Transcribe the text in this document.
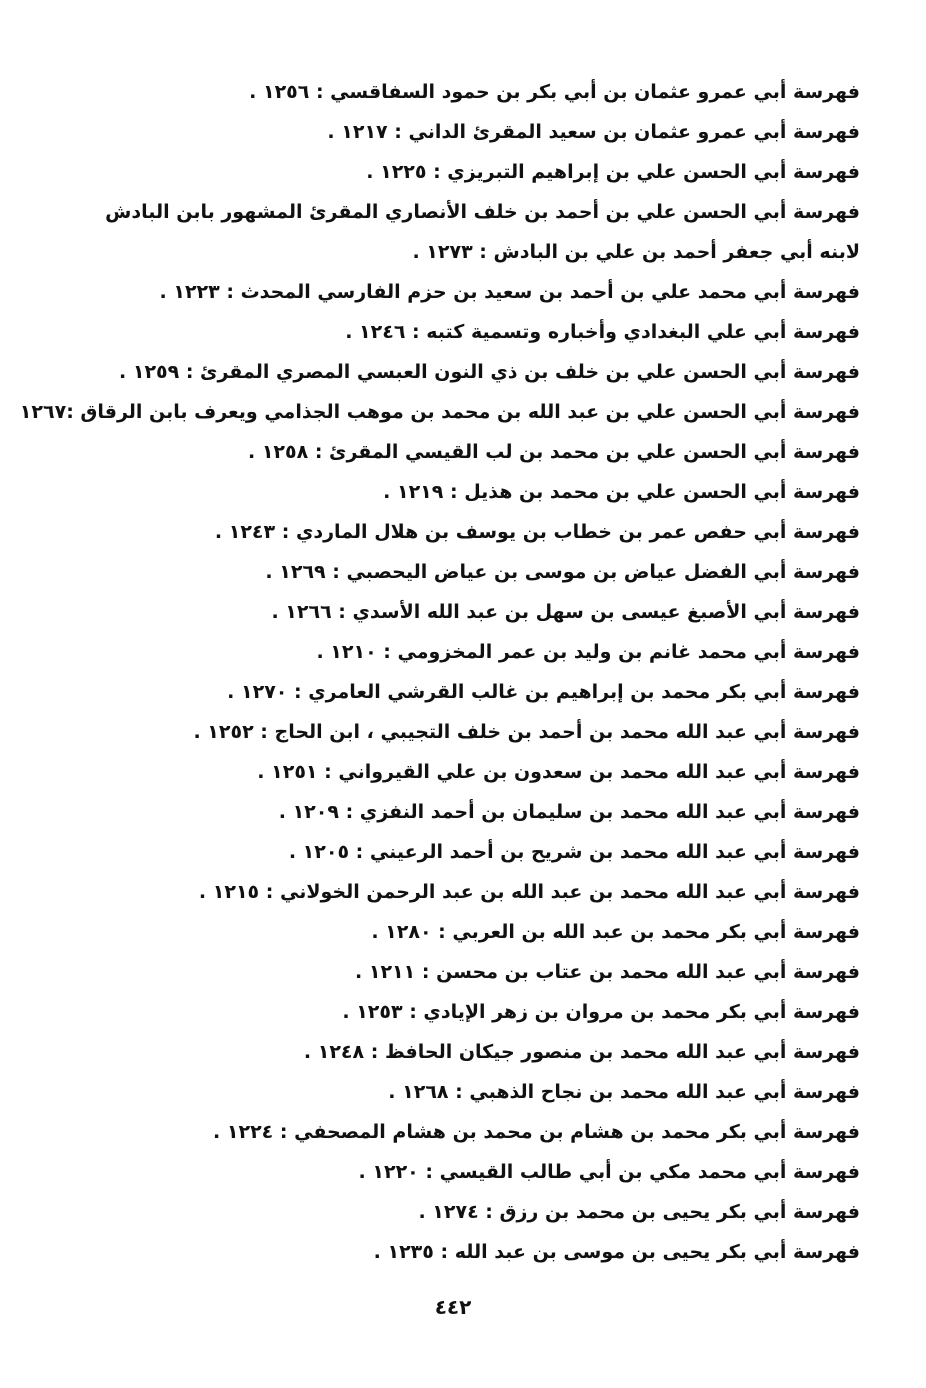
فهرسة أبي عمرو عثمان بن أبي بكر بن حمود السفاقسي : ١٢٥٦ .
فهرسة أبي عمرو عثمان بن سعيد المقرئ الداني : ١٢١٧ .
فهرسة أبي الحسن علي بن إبراهيم التبريزي : ١٢٢٥ .
فهرسة أبي الحسن علي بن أحمد بن خلف الأنصاري المقرئ المشهور بابن البادش لابنه أبي جعفر أحمد بن علي بن البادش : ١٢٧٣ .
فهرسة أبي محمد علي بن أحمد بن سعيد بن حزم الفارسي المحدث : ١٢٢٣ .
فهرسة أبي علي البغدادي وأخباره وتسمية كتبه : ١٢٤٦ .
فهرسة أبي الحسن علي بن خلف بن ذي النون العبسي المصري المقرئ : ١٢٥٩ .
فهرسة أبي الحسن علي بن عبد الله بن محمد بن موهب الجذامي ويعرف بابن الرقاق :١٢٦٧
فهرسة أبي الحسن علي بن محمد بن لب القيسي المقرئ : ١٢٥٨ .
فهرسة أبي الحسن علي بن محمد بن هذيل : ١٢١٩ .
فهرسة أبي حفص عمر بن خطاب بن يوسف بن هلال الماردي : ١٢٤٣ .
فهرسة أبي الفضل عياض بن موسى بن عياض اليحصبي : ١٢٦٩ .
فهرسة أبي الأصبغ عيسى بن سهل بن عبد الله الأسدي : ١٢٦٦ .
فهرسة أبي محمد غانم بن وليد بن عمر المخزومي : ١٢١٠ .
فهرسة أبي بكر محمد بن إبراهيم بن غالب القرشي العامري : ١٢٧٠ .
فهرسة أبي عبد الله محمد بن أحمد بن خلف التجيبي ، ابن الحاج : ١٢٥٢ .
فهرسة أبي عبد الله محمد بن سعدون بن علي القيرواني : ١٢٥١ .
فهرسة أبي عبد الله محمد بن سليمان بن أحمد النفزي : ١٢٠٩ .
فهرسة أبي عبد الله محمد بن شريح بن أحمد الرعيني : ١٢٠٥ .
فهرسة أبي عبد الله محمد بن عبد الله بن عبد الرحمن الخولاني : ١٢١٥ .
فهرسة أبي بكر محمد بن عبد الله بن العربي : ١٢٨٠ .
فهرسة أبي عبد الله محمد بن عتاب بن محسن : ١٢١١ .
فهرسة أبي بكر محمد بن مروان بن زهر الإيادي : ١٢٥٣ .
فهرسة أبي عبد الله محمد بن منصور جيكان الحافظ : ١٢٤٨ .
فهرسة أبي عبد الله محمد بن نجاح الذهبي : ١٢٦٨ .
فهرسة أبي بكر محمد بن هشام بن محمد بن هشام المصحفي : ١٢٢٤ .
فهرسة أبي محمد مكي بن أبي طالب القيسي : ١٢٢٠ .
فهرسة أبي بكر يحيى بن محمد بن رزق : ١٢٧٤ .
فهرسة أبي بكر يحيى بن موسى بن عبد الله : ١٢٣٥ .
٤٤٢
